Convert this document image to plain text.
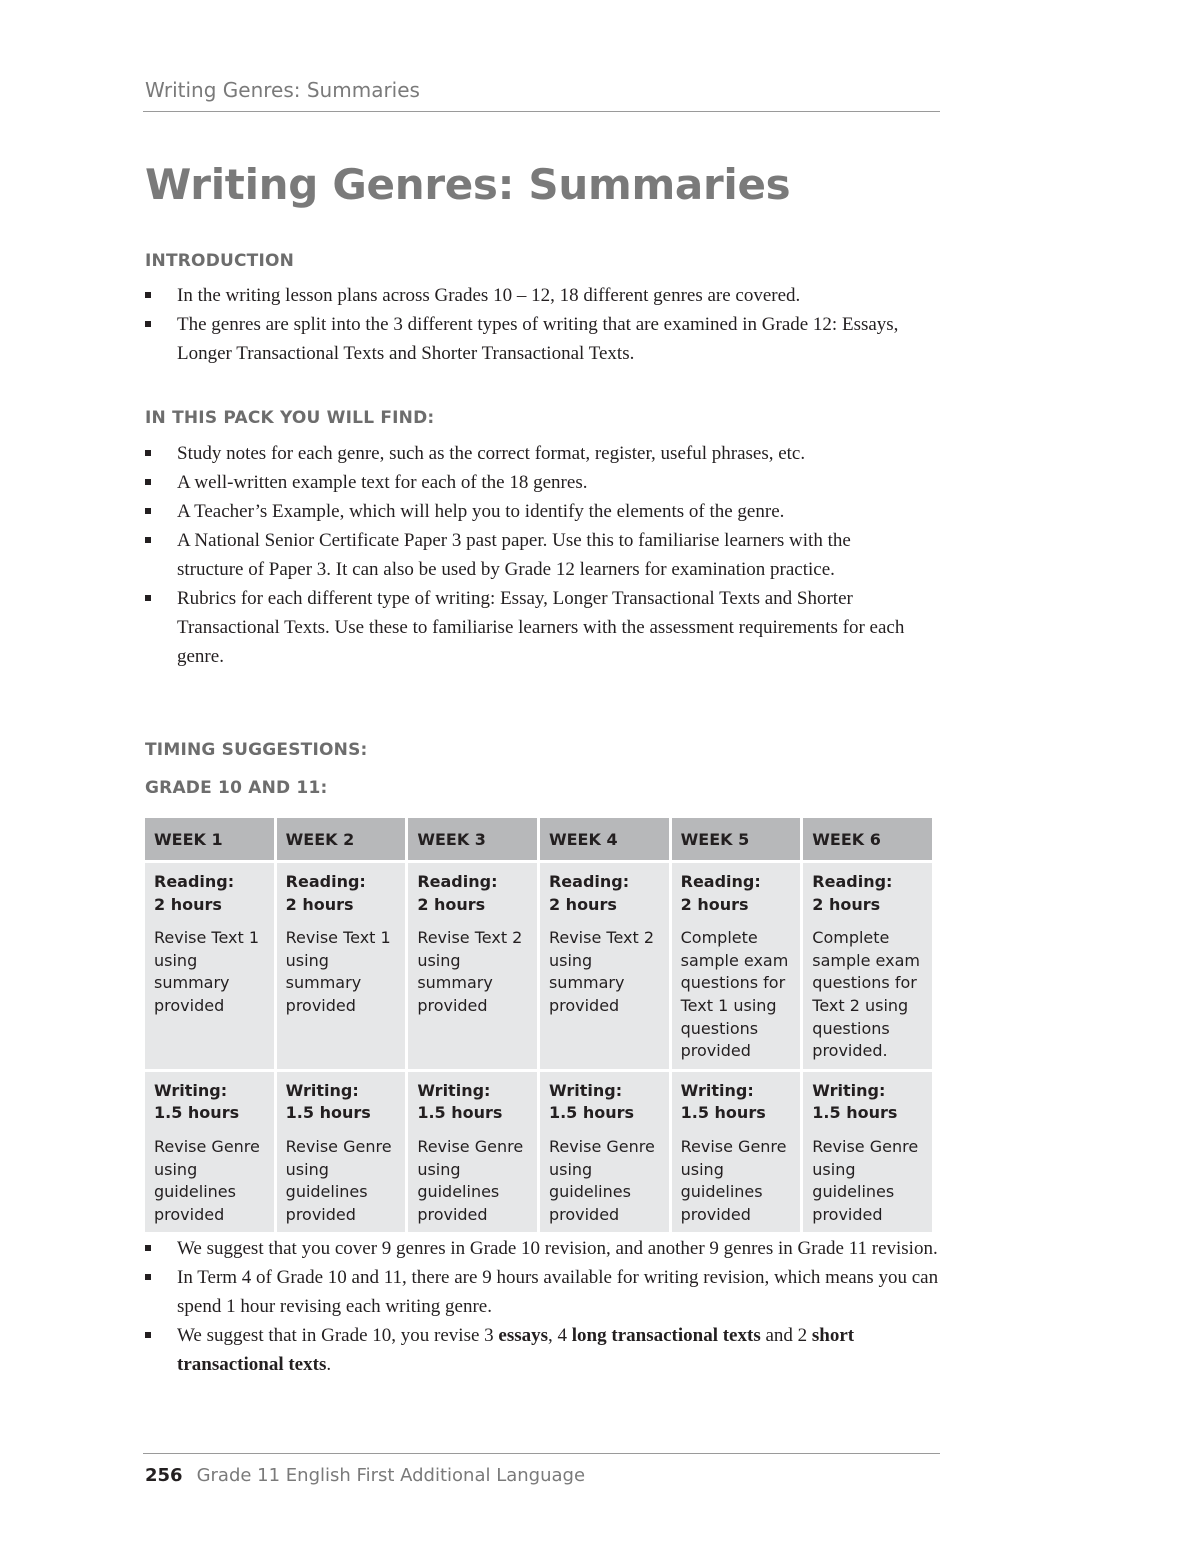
Writing Genres: Summaries
Writing Genres: Summaries
INTRODUCTION
In the writing lesson plans across Grades 10 – 12, 18 different genres are covered.
The genres are split into the 3 different types of writing that are examined in Grade 12: Essays, Longer Transactional Texts and Shorter Transactional Texts.
IN THIS PACK YOU WILL FIND:
Study notes for each genre, such as the correct format, register, useful phrases, etc.
A well-written example text for each of the 18 genres.
A Teacher’s Example, which will help you to identify the elements of the genre.
A National Senior Certificate Paper 3 past paper. Use this to familiarise learners with the structure of Paper 3. It can also be used by Grade 12 learners for examination practice.
Rubrics for each different type of writing: Essay, Longer Transactional Texts and Shorter Transactional Texts. Use these to familiarise learners with the assessment requirements for each genre.
TIMING SUGGESTIONS:
GRADE 10 AND 11:
WEEK 1	WEEK 2	WEEK 3	WEEK 4	WEEK 5	WEEK 6

Reading:
2 hours
Revise Text 1 using summary provided	Reading:
2 hours
Revise Text 1 using summary provided	Reading:
2 hours
Revise Text 2 using summary provided	Reading:
2 hours
Revise Text 2 using summary provided	Reading:
2 hours
Complete sample exam questions for Text 1 using questions provided	Reading:
2 hours
Complete sample exam questions for Text 2 using questions provided.

Writing:
1.5 hours
Revise Genre using guidelines provided	Writing:
1.5 hours
Revise Genre using guidelines provided	Writing:
1.5 hours
Revise Genre using guidelines provided	Writing:
1.5 hours
Revise Genre using guidelines provided	Writing:
1.5 hours
Revise Genre using guidelines provided	Writing:
1.5 hours
Revise Genre using guidelines provided
We suggest that you cover 9 genres in Grade 10 revision, and another 9 genres in Grade 11 revision.
In Term 4 of Grade 10 and 11, there are 9 hours available for writing revision, which means you can spend 1 hour revising each writing genre.
We suggest that in Grade 10, you revise 3 essays, 4 long transactional texts and 2 short transactional texts.
256 Grade 11 English First Additional Language
